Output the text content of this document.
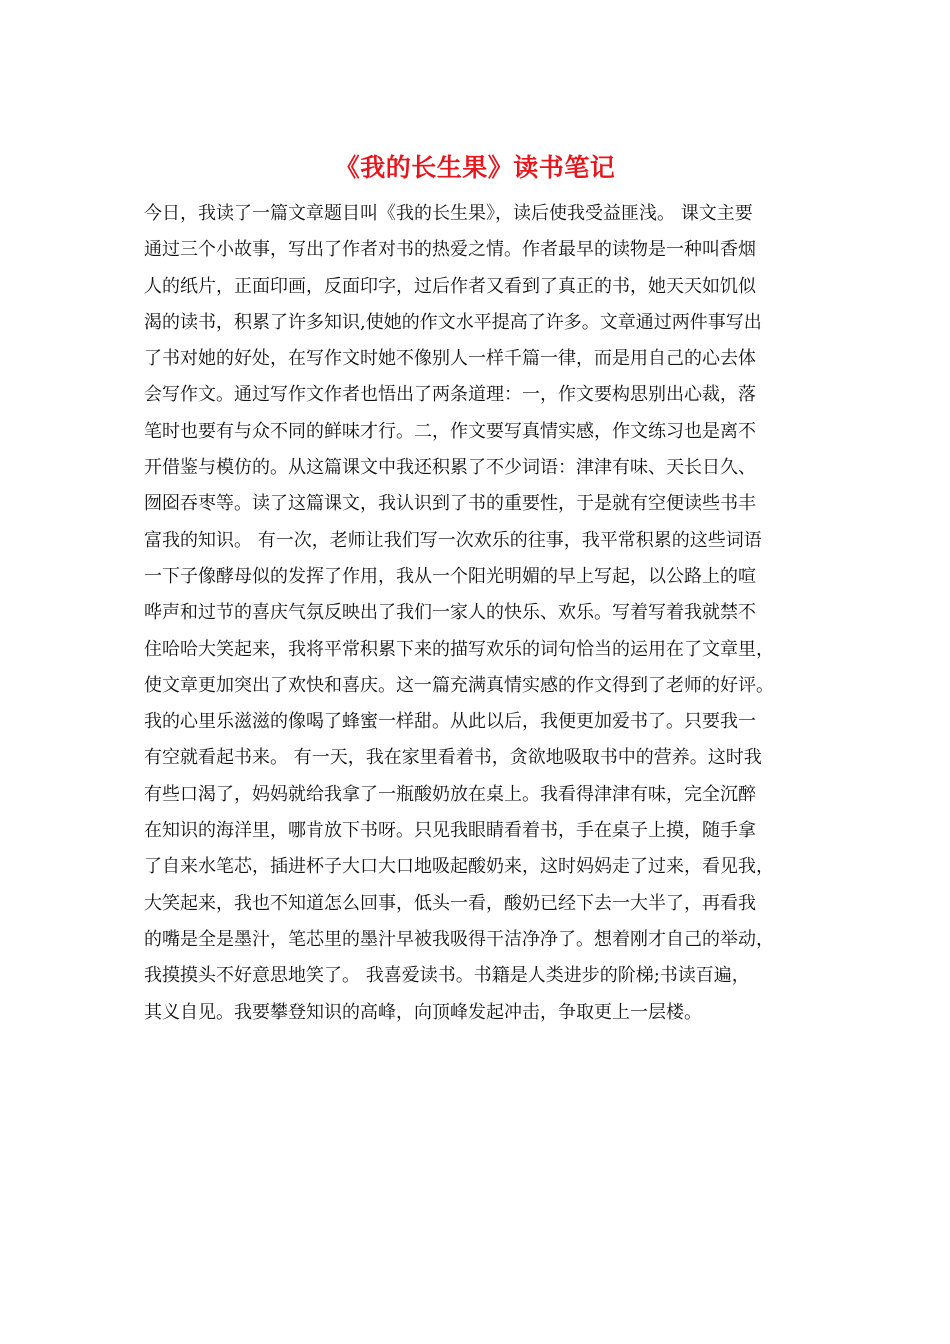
《我的长生果》读书笔记
今日，我读了一篇文章题目叫《我的长生果》，读后使我受益匪浅。 课文主要
通过三个小故事，写出了作者对书的热爱之情。作者最早的读物是一种叫香烟
人的纸片，正面印画，反面印字，过后作者又看到了真正的书，她天天如饥似
渴的读书，积累了许多知识,使她的作文水平提高了许多。文章通过两件事写出
了书对她的好处，在写作文时她不像别人一样千篇一律，而是用自己的心去体
会写作文。通过写作文作者也悟出了两条道理：一，作文要构思别出心裁，落
笔时也要有与众不同的鲜味才行。二，作文要写真情实感，作文练习也是离不
开借鉴与模仿的。从这篇课文中我还积累了不少词语：津津有味、天长日久、
囫囵吞枣等。读了这篇课文，我认识到了书的重要性，于是就有空便读些书丰
富我的知识。 有一次，老师让我们写一次欢乐的往事，我平常积累的这些词语
一下子像酵母似的发挥了作用，我从一个阳光明媚的早上写起，以公路上的喧
哗声和过节的喜庆气氛反映出了我们一家人的快乐、欢乐。写着写着我就禁不
住哈哈大笑起来，我将平常积累下来的描写欢乐的词句恰当的运用在了文章里，
使文章更加突出了欢快和喜庆。这一篇充满真情实感的作文得到了老师的好评。
我的心里乐滋滋的像喝了蜂蜜一样甜。从此以后，我便更加爱书了。只要我一
有空就看起书来。 有一天，我在家里看着书，贪欲地吸取书中的营养。这时我
有些口渴了，妈妈就给我拿了一瓶酸奶放在桌上。我看得津津有味，完全沉醉
在知识的海洋里，哪肯放下书呀。只见我眼睛看着书，手在桌子上摸，随手拿
了自来水笔芯，插进杯子大口大口地吸起酸奶来，这时妈妈走了过来，看见我，
大笑起来，我也不知道怎么回事，低头一看，酸奶已经下去一大半了，再看我
的嘴是全是墨汁，笔芯里的墨汁早被我吸得干洁净净了。想着刚才自己的举动，
我摸摸头不好意思地笑了。 我喜爱读书。书籍是人类进步的阶梯;书读百遍，
其义自见。我要攀登知识的高峰，向顶峰发起冲击，争取更上一层楼。
